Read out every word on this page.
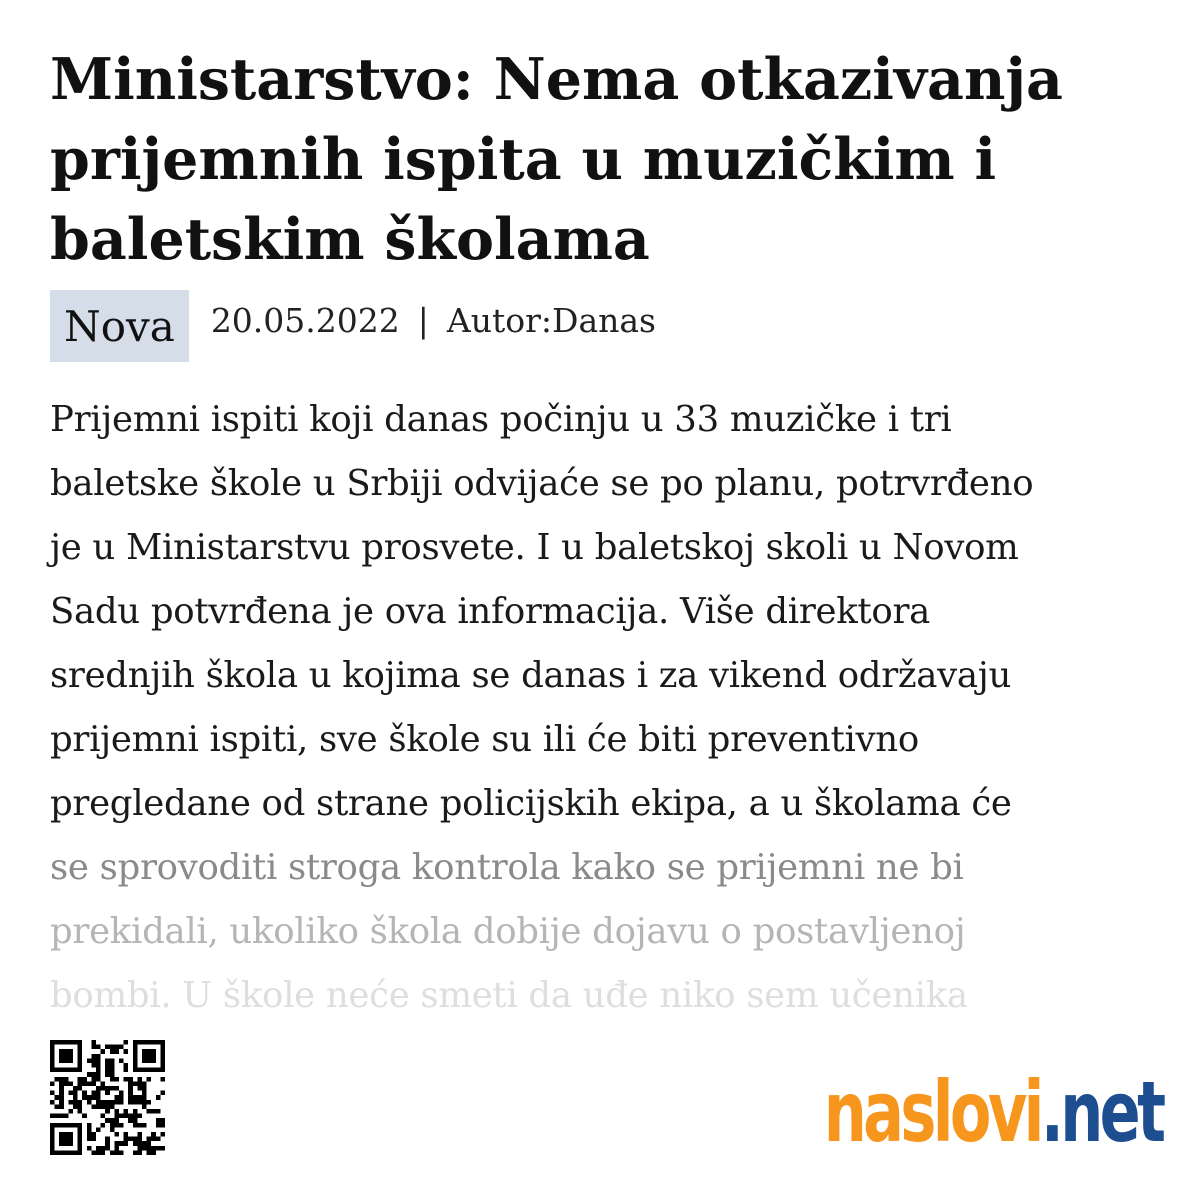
Ministarstvo: Nema otkazivanja
prijemnih ispita u muzičkim i
baletskim školama
Nova	20.05.2022 | Autor:Danas
Prijemni ispiti koji danas počinju u 33 muzičke i tri
baletske škole u Srbiji odvijaće se po planu, potrvrđeno
je u Ministarstvu prosvete. I u baletskoj skoli u Novom
Sadu potvrđena je ova informacija. Više direktora
srednjih škola u kojima se danas i za vikend održavaju
prijemni ispiti, sve škole su ili će biti preventivno
pregledane od strane policijskih ekipa, a u školama će
se sprovoditi stroga kontrola kako se prijemni ne bi
prekidali, ukoliko škola dobije dojavu o postavljenoj
bombi. U škole neće smeti da uđe niko sem učenika
naslovi.net
